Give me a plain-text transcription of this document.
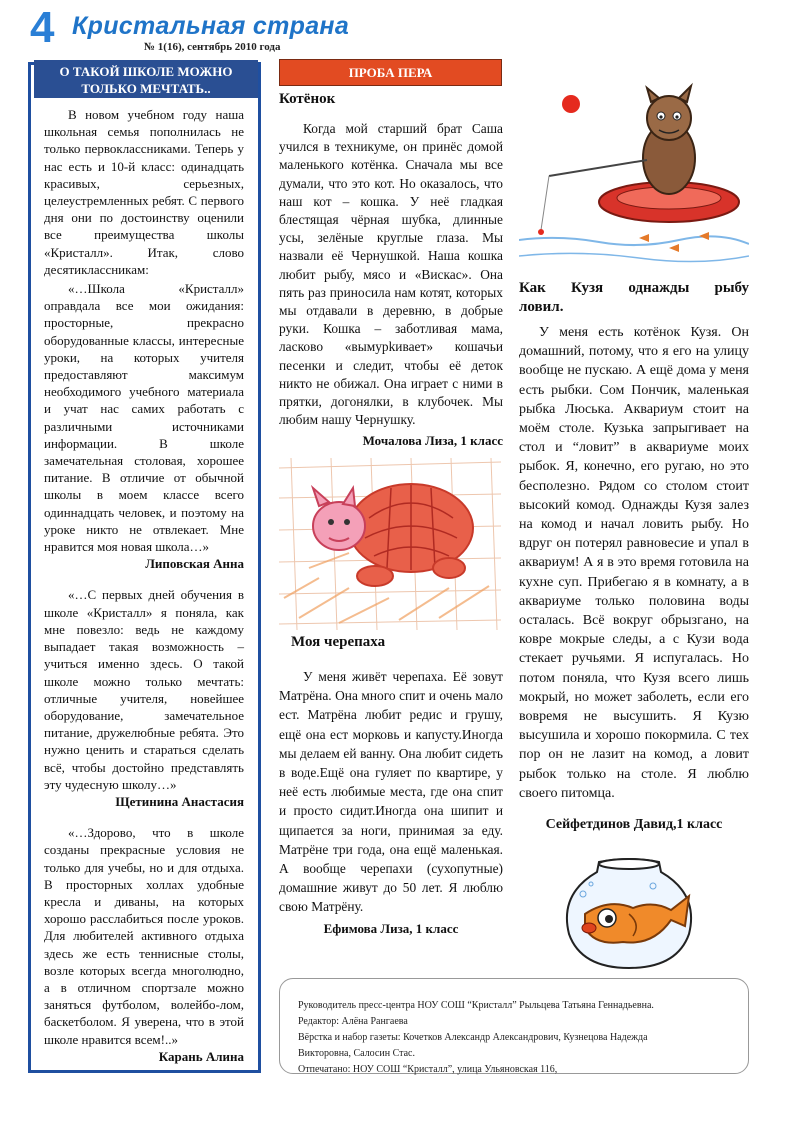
4 Кристальная страна
№ 1(16), сентябрь 2010 года
О ТАКОЙ ШКОЛЕ МОЖНО
ТОЛЬКО МЕЧТАТЬ..

В новом учебном году наша школьная семья пополнилась не только первоклассниками. Теперь у нас есть и 10-й класс: одинадцать красивых, серьезных, целеустремленных ребят. С первого дня они по достоинству оценили все преимущества школы «Кристалл». Итак, слово десятиклассникам:

«…Школа «Кристалл» оправдала все мои ожидания: просторные, прекрасно оборудованные классы, интересные уроки, на которых учителя предоставляют максимум необходимого учебного материала и учат нас самих работать с различными источниками информации. В школе замечательная столовая, хорошее питание. В отличие от обычной школы в моем классе всего одиннадцать человек, и поэтому на уроке никто не отвлекает. Мне нравится моя новая школа…»

Липовская Анна

«…С первых дней обучения в школе «Кристалл» я поняла, как мне повезло: ведь не каждому выпадает такая возможность – учиться именно здесь. О такой школе можно только мечтать: отличные учителя, новейшее оборудование, замечательное питание, дружелюбные ребята. Это нужно ценить и стараться сделать всё, чтобы достойно представлять эту чудесную школу…»

Щетинина Анастасия

«…Здорово, что в школе созданы прекрасные условия не только для учебы, но и для отдыха. В просторных холлах удобные кресла и диваны, на которых хорошо расслабиться после уроков. Для любителей активного отдыха здесь же есть теннисные столы, возле которых всегда многолюдно, а в отличном спортзале можно заняться футболом, волейбо-лом, баскетболом. Я уверена, что в этой школе нравится всем!..»

Карань Алина
ПРОБА ПЕРА
Котёнок

Когда мой старший брат Саша учился в техникуме, он принёс домой маленького котёнка. Сначала мы все думали, что это кот. Но оказалось, что наш кот – кошка. У неё гладкая блестящая чёрная шубка, длинные усы, зелёные круглые глаза. Мы назвали её Чернушкой. Наша кошка любит рыбу, мясо и «Вискас». Она пять раз приносила нам котят, которых мы отдавали в деревню, в добрые руки. Кошка – заботливая мама, ласково «вымурkивает» кошачьи песенки и следит, чтобы её деток никто не обижал. Она играет с ними в прятки, догонялки, в клубочек. Мы любим нашу Чернушку.

Мочалова Лиза, 1 класс
Моя черепаха

У меня живёт черепаха. Её зовут Матрёна. Она много спит и очень мало ест. Матрёна любит редис и грушу, ещё она ест морковь и капусту.Иногда мы делаем ей ванну. Она любит сидеть в воде.Ещё она гуляет по квартире, у неё есть любимые места, где она спит и просто сидит.Иногда она шипит и щипается за ноги, принимая за еду. Матрёне три года, она ещё маленькая. А вообще черепахи (сухопутные) домашние живут до 50 лет. Я люблю свою Матрёну.

Ефимова Лиза, 1 класс
Как Кузя однажды рыбу ловил.

У меня есть котёнок Кузя. Он домашний, потому, что я его на улицу вообще не пускаю. А ещё дома у меня есть рыбки. Сом Пончик, маленькая рыбка Люська. Аквариум стоит на моём столе. Кузька запрыгивает на стол и “ловит” в аквариуме моих рыбок. Я, конечно, его ругаю, но это бесполезно. Рядом со столом стоит высокий комод. Однажды Кузя залез на комод и начал ловить рыбу. Но вдруг он потерял равновесие и упал в аквариум! А я в это время готовила на кухне суп. Прибегаю я в комнату, а в аквариуме только половина воды осталась. Всё вокруг обрызгано, на ковре мокрые следы, а с Кузи вода стекает ручьями. Я испугалась. Но потом поняла, что Кузя всего лишь мокрый, но может заболеть, если его вовремя не высушить. Я Кузю высушила и хорошо покормила. С тех пор он не лазит на комод, а ловит рыбок только на столе. Я люблю своего питомца.

Сейфетдинов Давид,1 класс
Руководитель пресс-центра НОУ СОШ “Кристалл” Рыльцева Татьяна Геннадьевна.
Редактор: Алёна Рангаева
Вёрстка и набор газеты: Кочетков Александр Александрович, Кузнецова Надежда
Викторовна, Салосин Стас.
Отпечатано: НОУ СОШ “Кристалл”, улица Ульяновская 116,
